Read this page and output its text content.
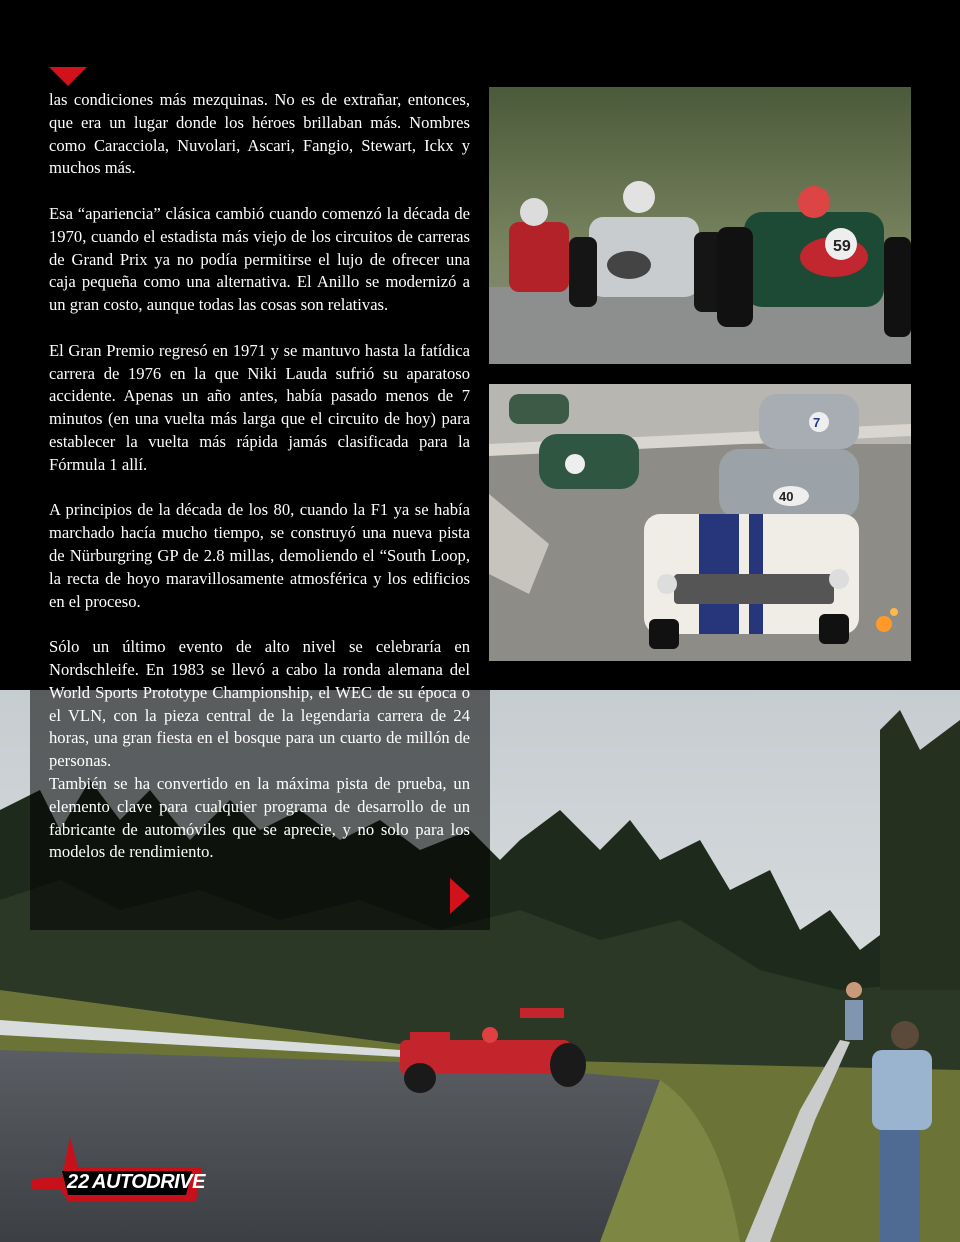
las condiciones más mezquinas. No es de extrañar, entonces, que era un lugar donde los héroes brillaban más. Nombres como Caracciola, Nuvolari, Ascari, Fangio, Stewart, Ickx y muchos más.

Esa “apariencia” clásica cambió cuando comenzó la década de 1970, cuando el estadista más viejo de los circuitos de carreras de Grand Prix ya no podía permitirse el lujo de ofrecer una caja pequeña como una alternativa. El Anillo se modernizó a un gran costo, aunque todas las cosas son relativas.

El Gran Premio regresó en 1971 y se mantuvo hasta la fatídica carrera de 1976 en la que Niki Lauda sufrió su aparatoso accidente. Apenas un año antes, había pasado menos de 7 minutos (en una vuelta más larga que el circuito de hoy) para establecer la vuelta más rápida jamás clasificada para la Fórmula 1 allí.

A principios de la década de los 80, cuando la F1 ya se había marchado hacía mucho tiempo, se construyó una nueva pista de Nürburgring GP de 2.8 millas, demoliendo el “South Loop, la recta de hoyo maravillosamente atmosférica y los edificios en el proceso.

Sólo un último evento de alto nivel se celebraría en Nordschleife. En 1983 se llevó a cabo la ronda alemana del World Sports Prototype Championship, el WEC de su época o el VLN, con la pieza central de la legendaria carrera de 24 horas, una gran fiesta en el bosque para un cuarto de millón de personas.

También se ha convertido en la máxima pista de prueba, un elemento clave para cualquier programa de desarrollo de un fabricante de automóviles que se aprecie, y no solo para los modelos de rendimiento.

59
7
40
22 AUTODRIVE
